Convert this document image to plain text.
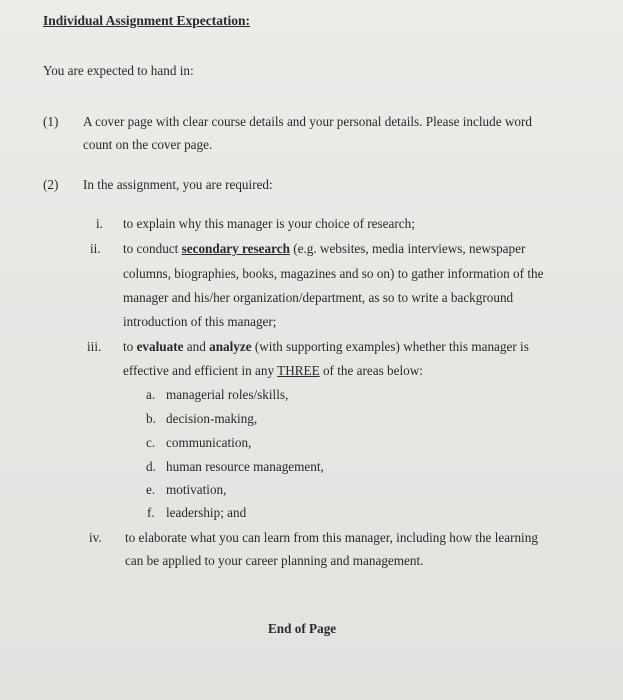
Individual Assignment Expectation:
You are expected to hand in:
(1) A cover page with clear course details and your personal details. Please include word
count on the cover page.
(2) In the assignment, you are required:
i. to explain why this manager is your choice of research;
ii. to conduct secondary research (e.g. websites, media interviews, newspaper
columns, biographies, books, magazines and so on) to gather information of the
manager and his/her organization/department, as so to write a background
introduction of this manager;
iii. to evaluate and analyze (with supporting examples) whether this manager is
effective and efficient in any THREE of the areas below:
a. managerial roles/skills,
b. decision-making,
c. communication,
d. human resource management,
e. motivation,
f. leadership; and
iv. to elaborate what you can learn from this manager, including how the learning
can be applied to your career planning and management.
End of Page
